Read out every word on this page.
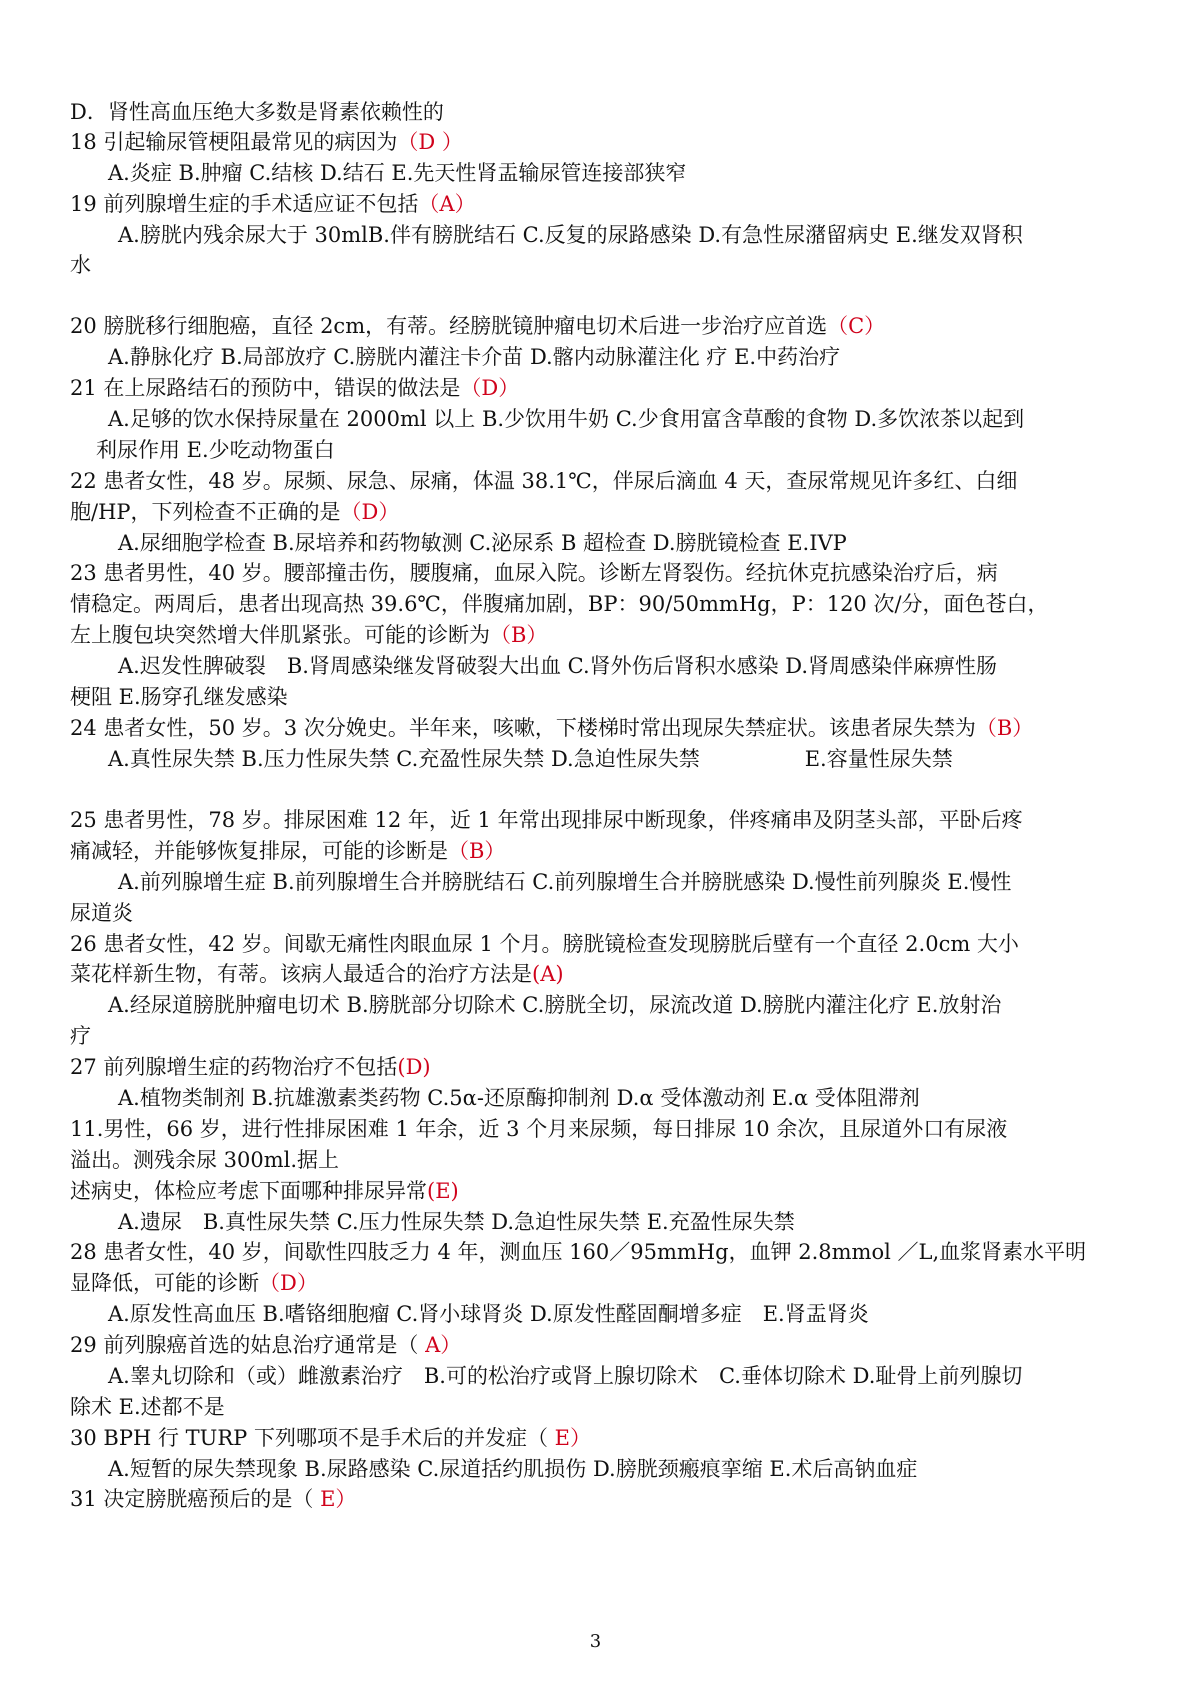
D．肾性高血压绝大多数是肾素依赖性的
18 引起输尿管梗阻最常见的病因为（D ）
A.炎症 B.肿瘤 C.结核 D.结石 E.先天性肾盂输尿管连接部狭窄
19 前列腺增生症的手术适应证不包括（A）
A.膀胱内残余尿大于 30mlB.伴有膀胱结石 C.反复的尿路感染 D.有急性尿潴留病史 E.继发双肾积
水
20 膀胱移行细胞癌，直径 2cm，有蒂。经膀胱镜肿瘤电切术后进一步治疗应首选（C）
A.静脉化疗 B.局部放疗 C.膀胱内灌注卡介苗 D.髂内动脉灌注化 疗 E.中药治疗
21 在上尿路结石的预防中，错误的做法是（D）
A.足够的饮水保持尿量在 2000ml 以上 B.少饮用牛奶 C.少食用富含草酸的食物 D.多饮浓茶以起到
利尿作用 E.少吃动物蛋白
22 患者女性，48 岁。尿频、尿急、尿痛，体温 38.1℃，伴尿后滴血 4 天，查尿常规见许多红、白细
胞/HP，下列检查不正确的是（D）
A.尿细胞学检查 B.尿培养和药物敏测 C.泌尿系 B 超检查 D.膀胱镜检查 E.IVP
23 患者男性，40 岁。腰部撞击伤，腰腹痛，血尿入院。诊断左肾裂伤。经抗休克抗感染治疗后，病
情稳定。两周后，患者出现高热 39.6℃，伴腹痛加剧，BP：90/50mmHg，P：120 次/分，面色苍白，
左上腹包块突然增大伴肌紧张。可能的诊断为（B）
A.迟发性脾破裂　B.肾周感染继发肾破裂大出血 C.肾外伤后肾积水感染 D.肾周感染伴麻痹性肠
梗阻 E.肠穿孔继发感染
24 患者女性，50 岁。3 次分娩史。半年来，咳嗽，下楼梯时常出现尿失禁症状。该患者尿失禁为（B）
A.真性尿失禁 B.压力性尿失禁 C.充盈性尿失禁 D.急迫性尿失禁　　　　　E.容量性尿失禁
25 患者男性，78 岁。排尿困难 12 年，近 1 年常出现排尿中断现象，伴疼痛串及阴茎头部，平卧后疼
痛减轻，并能够恢复排尿，可能的诊断是（B）
A.前列腺增生症 B.前列腺增生合并膀胱结石 C.前列腺增生合并膀胱感染 D.慢性前列腺炎 E.慢性
尿道炎
26 患者女性，42 岁。间歇无痛性肉眼血尿 1 个月。膀胱镜检查发现膀胱后壁有一个直径 2.0cm 大小
菜花样新生物，有蒂。该病人最适合的治疗方法是(A)
A.经尿道膀胱肿瘤电切术 B.膀胱部分切除术 C.膀胱全切，尿流改道 D.膀胱内灌注化疗 E.放射治
疗
27 前列腺增生症的药物治疗不包括(D)
A.植物类制剂 B.抗雄激素类药物 C.5α-还原酶抑制剂 D.α 受体激动剂 E.α 受体阻滞剂
11.男性，66 岁，进行性排尿困难 1 年余，近 3 个月来尿频，每日排尿 10 余次，且尿道外口有尿液
溢出。测残余尿 300ml.据上
述病史，体检应考虑下面哪种排尿异常(E)
A.遗尿　B.真性尿失禁 C.压力性尿失禁 D.急迫性尿失禁 E.充盈性尿失禁
28 患者女性，40 岁，间歇性四肢乏力 4 年，测血压 160／95mmHg，血钾 2.8mmol ／L,血浆肾素水平明
显降低，可能的诊断（D）
A.原发性高血压 B.嗜铬细胞瘤 C.肾小球肾炎 D.原发性醛固酮增多症　E.肾盂肾炎
29 前列腺癌首选的姑息治疗通常是（ A）
A.睾丸切除和（或）雌激素治疗　B.可的松治疗或肾上腺切除术　C.垂体切除术 D.耻骨上前列腺切
除术 E.述都不是
30 BPH 行 TURP 下列哪项不是手术后的并发症（ E）
A.短暂的尿失禁现象 B.尿路感染 C.尿道括约肌损伤 D.膀胱颈瘢痕挛缩 E.术后高钠血症
31 决定膀胱癌预后的是（ E）
3
